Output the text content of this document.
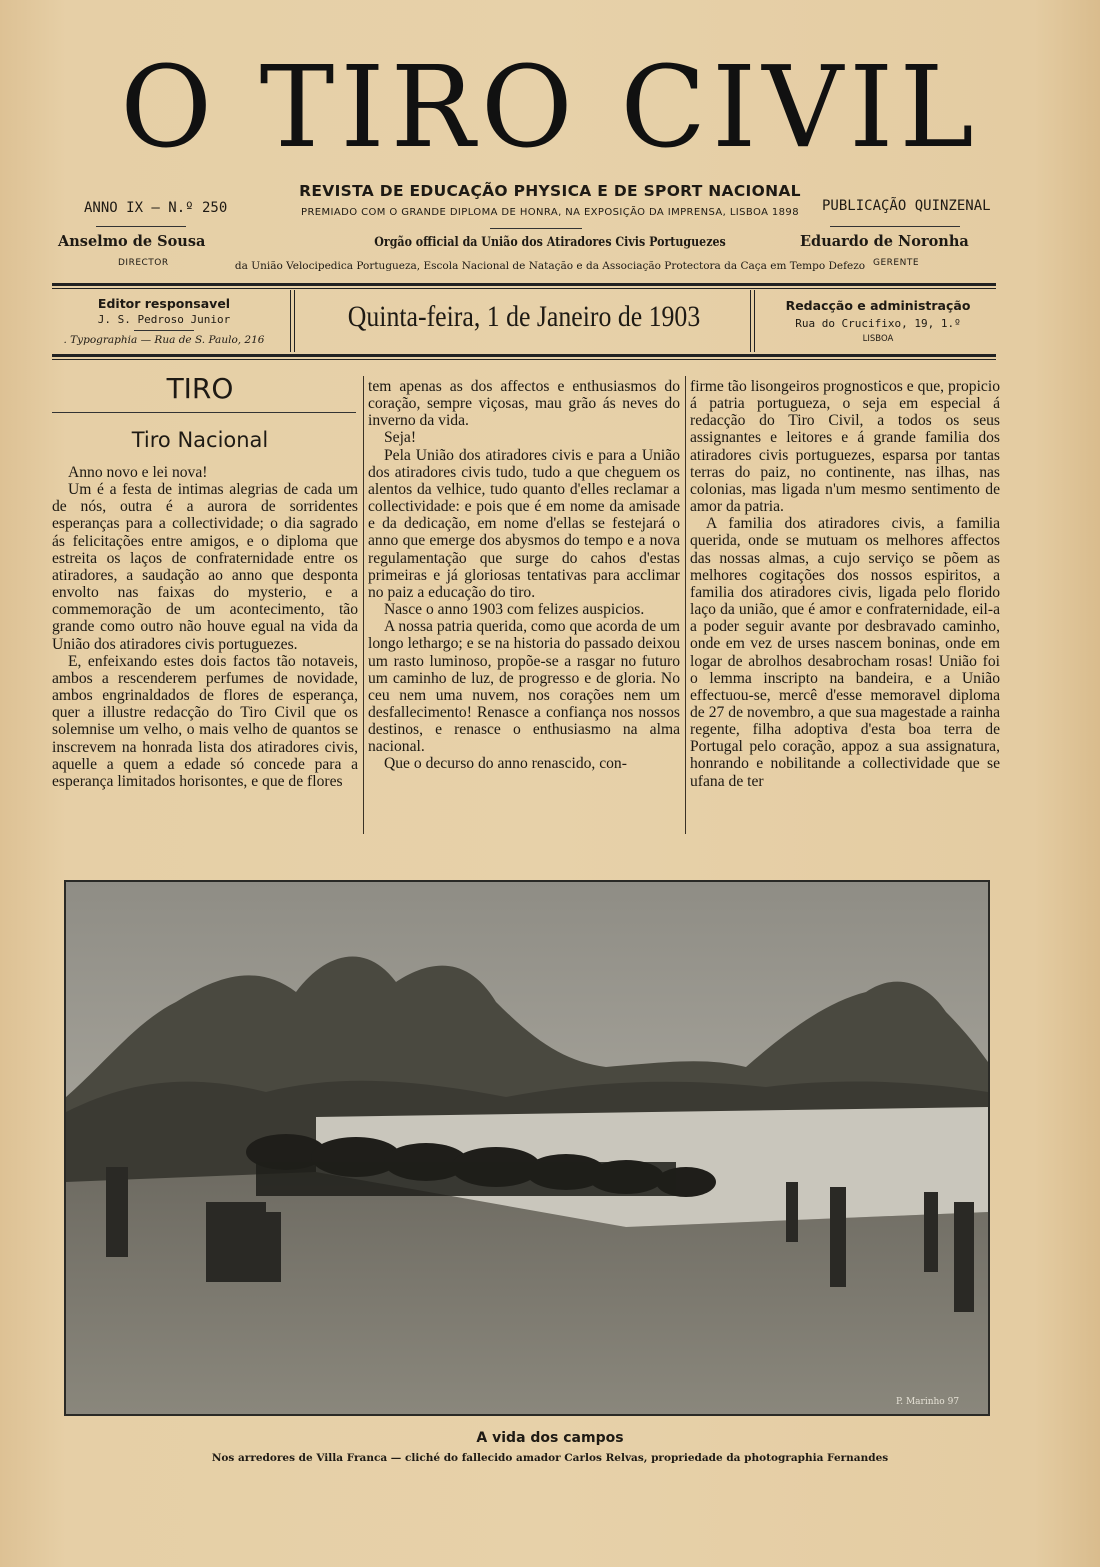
O TIRO CIVIL
ANNO IX — N.º 250
REVISTA DE EDUCAÇÃO PHYSICA E DE SPORT NACIONAL
PREMIADO COM O GRANDE DIPLOMA DE HONRA, NA EXPOSIÇÃO DA IMPRENSA, LISBOA 1898	PUBLICAÇÃO QUINZENAL
Anselmo de Sousa
DIRECTOR
Orgão official da União dos Atiradores Civis Portuguezes
da União Velocipedica Portugueza, Escola Nacional de Natação e da Associação Protectora da Caça em Tempo Defezo
Eduardo de Noronha
GERENTE
Editor responsavel
J. S. Pedroso Junior
. Typographia — Rua de S. Paulo, 216
Quinta-feira, 1 de Janeiro de 1903	Redacção e administração
Rua do Crucifixo, 19, 1.º
LISBOA
TIRO
Tiro Nacional

Anno novo e lei nova!

Um é a festa de intimas alegrias de cada um de nós, outra é a aurora de sorridentes esperanças para a collectividade; o dia sagrado ás felicitações entre amigos, e o diploma que estreita os laços de confraternidade entre os atiradores, a saudação ao anno que desponta envolto nas faixas do mysterio, e a commemoração de um acontecimento, tão grande como outro não houve egual na vida da União dos atiradores civis portuguezes.

E, enfeixando estes dois factos tão notaveis, ambos a rescenderem perfumes de novidade, ambos engrinaldados de flores de esperança, quer a illustre redacção do Tiro Civil que os solemnise um velho, o mais velho de quantos se inscrevem na honrada lista dos atiradores civis, aquelle a quem a edade só concede para a esperança limitados horisontes, e que de flores

tem apenas as dos affectos e enthusiasmos do coração, sempre viçosas, mau grão ás neves do inverno da vida.

Seja!

Pela União dos atiradores civis e para a União dos atiradores civis tudo, tudo a que cheguem os alentos da velhice, tudo quanto d'elles reclamar a collectividade: e pois que é em nome da amisade e da dedicação, em nome d'ellas se festejará o anno que emerge dos abysmos do tempo e a nova regulamentação que surge do cahos d'estas primeiras e já gloriosas tentativas para acclimar no paiz a educação do tiro.

Nasce o anno 1903 com felizes auspicios.

A nossa patria querida, como que acorda de um longo lethargo; e se na historia do passado deixou um rasto luminoso, propõe-se a rasgar no futuro um caminho de luz, de progresso e de gloria. No ceu nem uma nuvem, nos corações nem um desfallecimento! Renasce a confiança nos nossos destinos, e renasce o enthusiasmo na alma nacional.

Que o decurso do anno renascido, con-

firme tão lisongeiros prognosticos e que, propicio á patria portugueza, o seja em especial á redacção do Tiro Civil, a todos os seus assignantes e leitores e á grande familia dos atiradores civis portuguezes, esparsa por tantas terras do paiz, no continente, nas ilhas, nas colonias, mas ligada n'um mesmo sentimento de amor da patria.

A familia dos atiradores civis, a familia querida, onde se mutuam os melhores affectos das nossas almas, a cujo serviço se põem as melhores cogitações dos nossos espiritos, a familia dos atiradores civis, ligada pelo florido laço da união, que é amor e confraternidade, eil-a a poder seguir avante por desbravado caminho, onde em vez de urses nascem boninas, onde em logar de abrolhos desabrocham rosas! União foi o lemma inscripto na bandeira, e a União effectuou-se, mercê d'esse memoravel diploma de 27 de novembro, a que sua magestade a rainha regente, filha adoptiva d'esta boa terra de Portugal pelo coração, appoz a sua assignatura, honrando e nobilitande a collectividade que se ufana de ter

P. Marinho 97
A vida dos campos
Nos arredores de Villa Franca — cliché do fallecido amador Carlos Relvas, propriedade da photographia Fernandes
